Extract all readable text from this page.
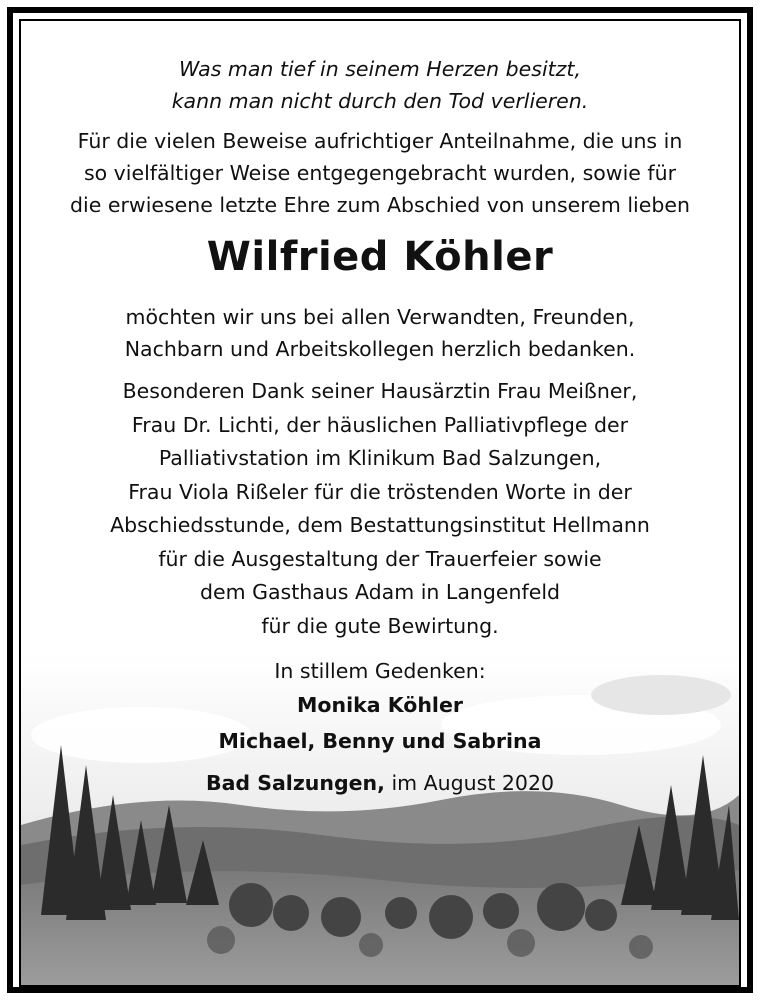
Was man tief in seinem Herzen besitzt,
kann man nicht durch den Tod verlieren.
Für die vielen Beweise aufrichtiger Anteilnahme, die uns in
so vielfältiger Weise entgegengebracht wurden, sowie für
die erwiesene letzte Ehre zum Abschied von unserem lieben
Wilfried Köhler
möchten wir uns bei allen Verwandten, Freunden,
Nachbarn und Arbeitskollegen herzlich bedanken.
Besonderen Dank seiner Hausärztin Frau Meißner,
Frau Dr. Lichti, der häuslichen Palliativpflege der
Palliativstation im Klinikum Bad Salzungen,
Frau Viola Rißeler für die tröstenden Worte in der
Abschiedsstunde, dem Bestattungsinstitut Hellmann
für die Ausgestaltung der Trauerfeier sowie
dem Gasthaus Adam in Langenfeld
für die gute Bewirtung.
In stillem Gedenken:
Monika Köhler
Michael, Benny und Sabrina
Bad Salzungen, im August 2020
